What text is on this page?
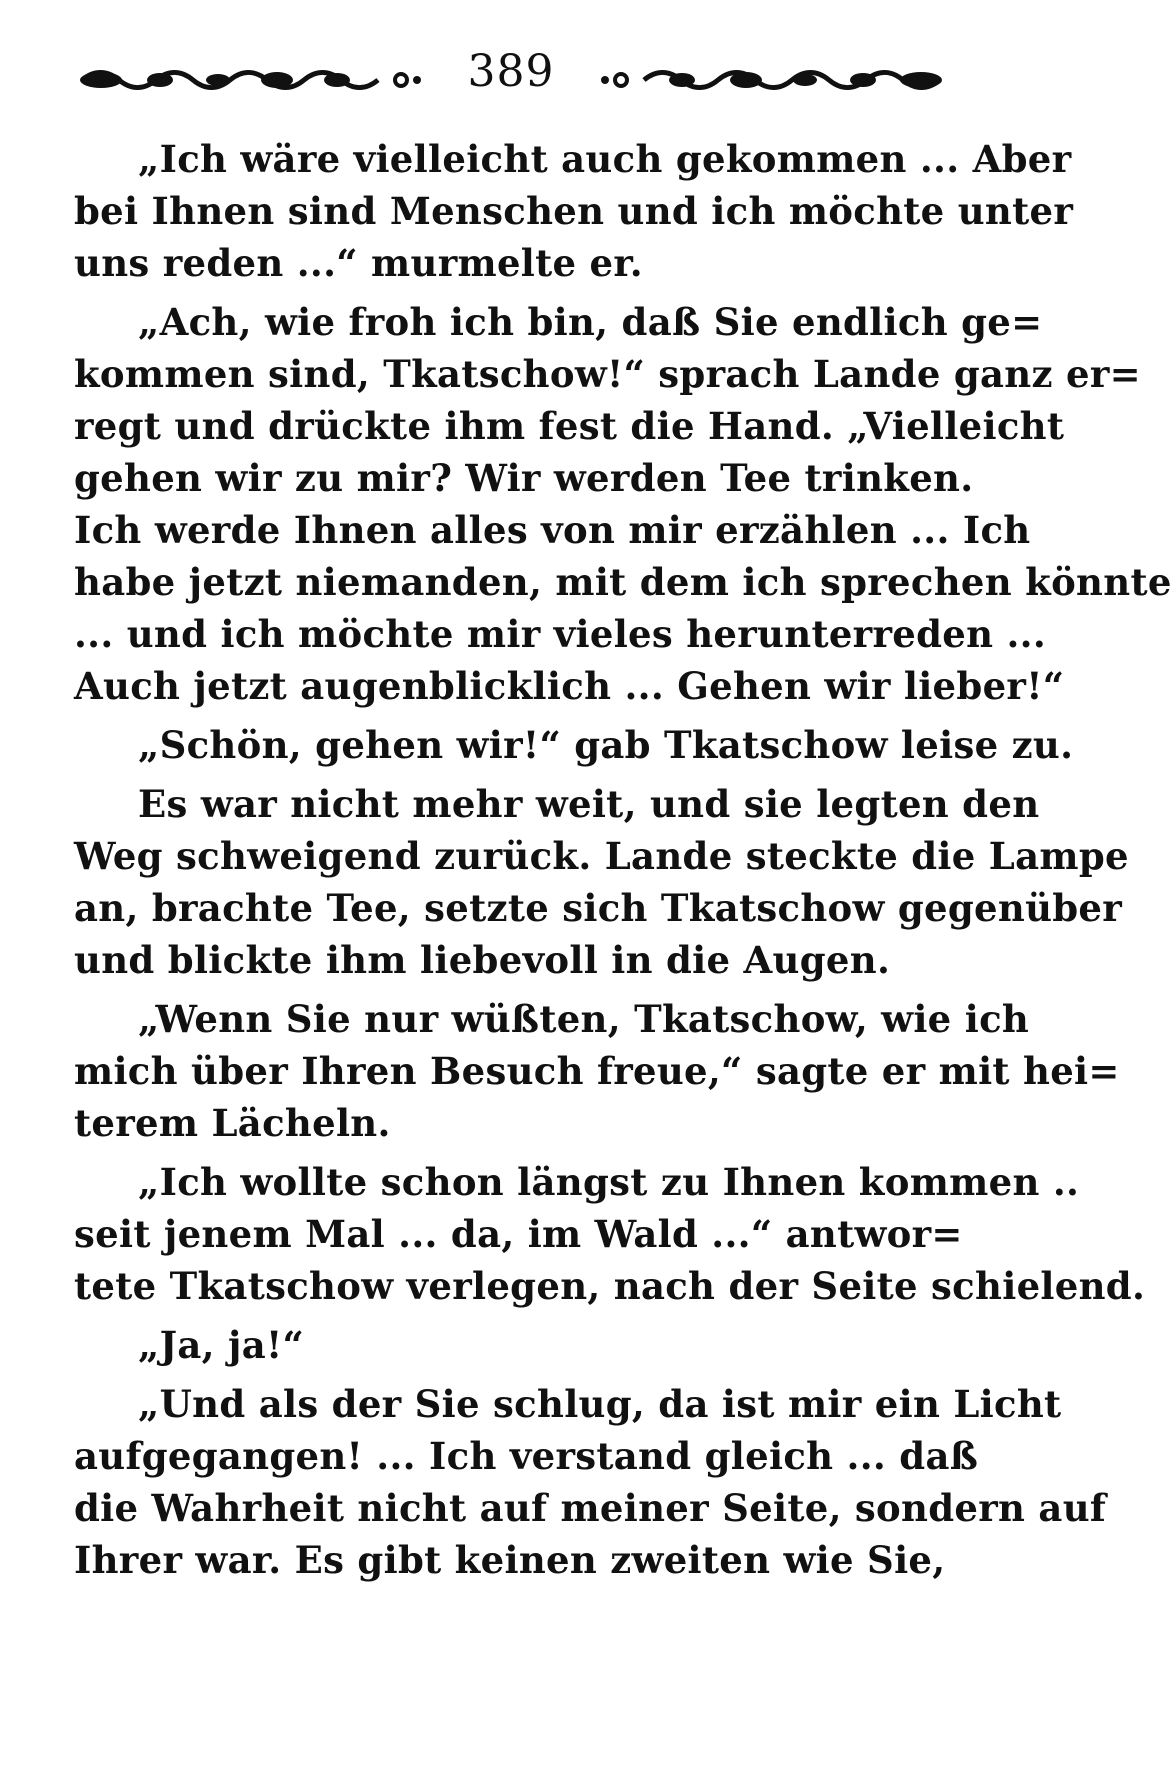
389
„Ich wäre vielleicht auch gekommen ... Aber
bei Ihnen sind Menschen und ich möchte unter
uns reden ...“ murmelte er.
„Ach, wie froh ich bin, daß Sie endlich ge=
kommen sind, Tkatschow!“ sprach Lande ganz er=
regt und drückte ihm fest die Hand. „Vielleicht
gehen wir zu mir? Wir werden Tee trinken.
Ich werde Ihnen alles von mir erzählen ... Ich
habe jetzt niemanden, mit dem ich sprechen könnte
... und ich möchte mir vieles herunterreden ...
Auch jetzt augenblicklich ... Gehen wir lieber!“
„Schön, gehen wir!“ gab Tkatschow leise zu.
Es war nicht mehr weit, und sie legten den
Weg schweigend zurück. Lande steckte die Lampe
an, brachte Tee, setzte sich Tkatschow gegenüber
und blickte ihm liebevoll in die Augen.
„Wenn Sie nur wüßten, Tkatschow, wie ich
mich über Ihren Besuch freue,“ sagte er mit hei=
terem Lächeln.
„Ich wollte schon längst zu Ihnen kommen ..
seit jenem Mal ... da, im Wald ...“ antwor=
tete Tkatschow verlegen, nach der Seite schielend.
„Ja, ja!“
„Und als der Sie schlug, da ist mir ein Licht
aufgegangen! ... Ich verstand gleich ... daß
die Wahrheit nicht auf meiner Seite, sondern auf
Ihrer war. Es gibt keinen zweiten wie Sie,
